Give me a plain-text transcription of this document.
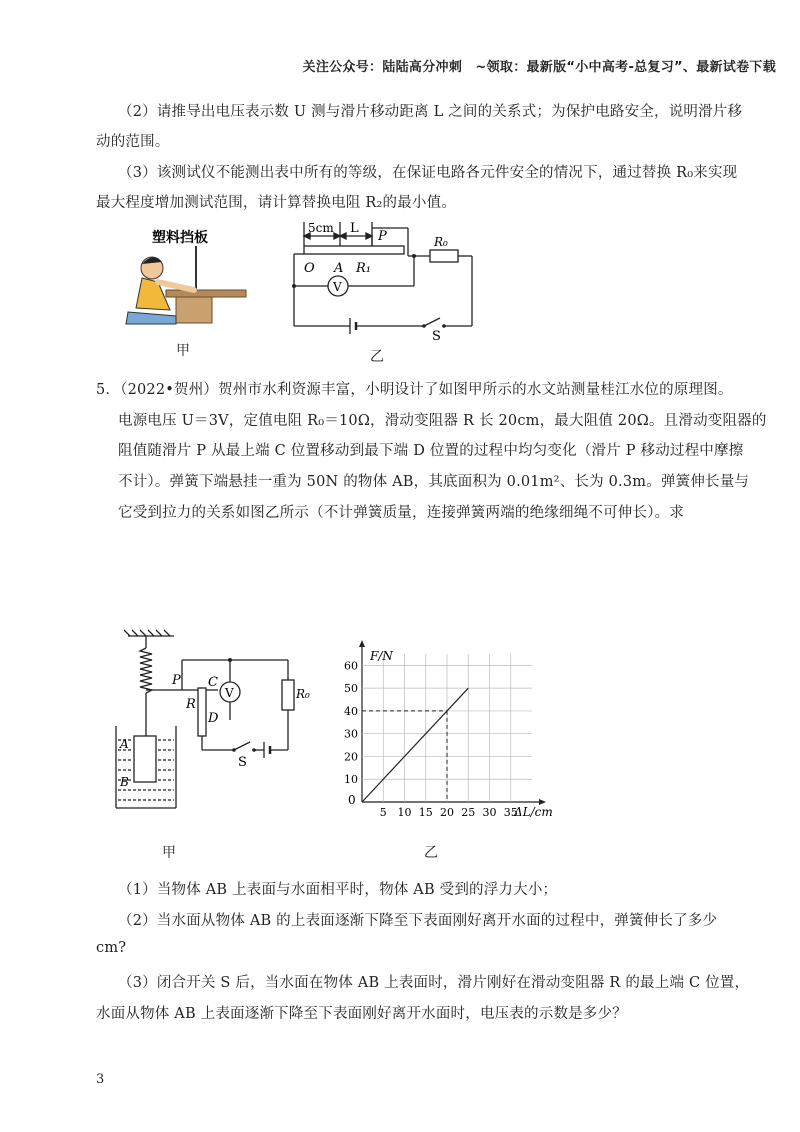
关注公众号：陆陆高分冲刺　~领取：最新版“小中高考-总复习”、最新试卷下载
（2）请推导出电压表示数 U 测与滑片移动距离 L 之间的关系式；为保护电路安全，说明滑片移
动的范围。
（3）该测试仪不能测出表中所有的等级，在保证电路各元件安全的情况下，通过替换 R₀来实现
最大程度增加测试范围，请计算替换电阻 R₂的最小值。
塑料挡板
甲
5cm L
P	R₀
O A R₁
V
S
乙
5．（2022•贺州）贺州市水利资源丰富，小明设计了如图甲所示的水文站测量桂江水位的原理图。
电源电压 U＝3V，定值电阻 R₀＝10Ω，滑动变阻器 R 长 20cm，最大阻值 20Ω。且滑动变阻器的
阻值随滑片 P 从最上端 C 位置移动到最下端 D 位置的过程中均匀变化（滑片 P 移动过程中摩擦
不计）。弹簧下端悬挂一重为 50N 的物体 AB，其底面积为 0.01m²、长为 0.3m。弹簧伸长量与
它受到拉力的关系如图乙所示（不计弹簧质量，连接弹簧两端的绝缘细绳不可伸长）。求
P C
R
D
V	R₀
S
A
B
甲
5 10 15 20 25 30 35
10
20
30
40
50
60
F/N
ΔL/cm
0
乙
（1）当物体 AB 上表面与水面相平时，物体 AB 受到的浮力大小；
（2）当水面从物体 AB 的上表面逐渐下降至下表面刚好离开水面的过程中，弹簧伸长了多少
cm?
（3）闭合开关 S 后，当水面在物体 AB 上表面时，滑片刚好在滑动变阻器 R 的最上端 C 位置，
水面从物体 AB 上表面逐渐下降至下表面刚好离开水面时，电压表的示数是多少？
3
